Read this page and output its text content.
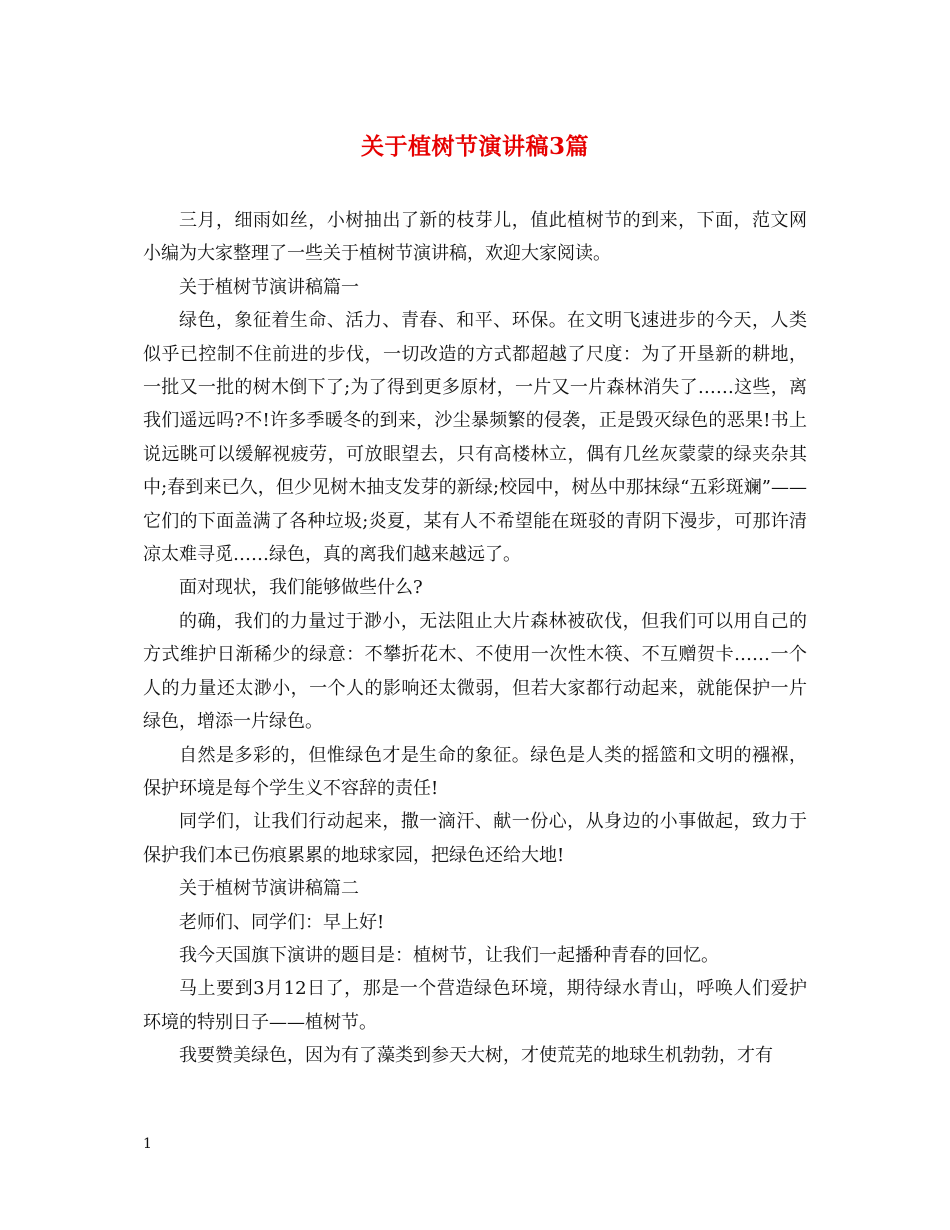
关于植树节演讲稿3篇

三月，细雨如丝，小树抽出了新的枝芽儿，值此植树节的到来，下面，范文网小编为大家整理了一些关于植树节演讲稿，欢迎大家阅读。

关于植树节演讲稿篇一

绿色，象征着生命、活力、青春、和平、环保。在文明飞速进步的今天，人类似乎已控制不住前进的步伐，一切改造的方式都超越了尺度：为了开垦新的耕地，一批又一批的树木倒下了;为了得到更多原材，一片又一片森林消失了……这些，离我们遥远吗?不!许多季暖冬的到来，沙尘暴频繁的侵袭，正是毁灭绿色的恶果!书上说远眺可以缓解视疲劳，可放眼望去，只有高楼林立，偶有几丝灰蒙蒙的绿夹杂其中;春到来已久，但少见树木抽支发芽的新绿;校园中，树丛中那抹绿“五彩斑斓”——它们的下面盖满了各种垃圾;炎夏，某有人不希望能在斑驳的青阴下漫步，可那许清凉太难寻觅……绿色，真的离我们越来越远了。

面对现状，我们能够做些什么?

的确，我们的力量过于渺小，无法阻止大片森林被砍伐，但我们可以用自己的方式维护日渐稀少的绿意：不攀折花木、不使用一次性木筷、不互赠贺卡……一个人的力量还太渺小，一个人的影响还太微弱，但若大家都行动起来，就能保护一片绿色，增添一片绿色。

自然是多彩的，但惟绿色才是生命的象征。绿色是人类的摇篮和文明的襁褓，保护环境是每个学生义不容辞的责任!

同学们，让我们行动起来，撒一滴汗、献一份心，从身边的小事做起，致力于保护我们本已伤痕累累的地球家园，把绿色还给大地!

关于植树节演讲稿篇二

老师们、同学们：早上好!

我今天国旗下演讲的题目是：植树节，让我们一起播种青春的回忆。

马上要到3月12日了，那是一个营造绿色环境，期待绿水青山，呼唤人们爱护环境的特别日子——植树节。

我要赞美绿色，因为有了藻类到参天大树，才使荒芜的地球生机勃勃，才有

1
